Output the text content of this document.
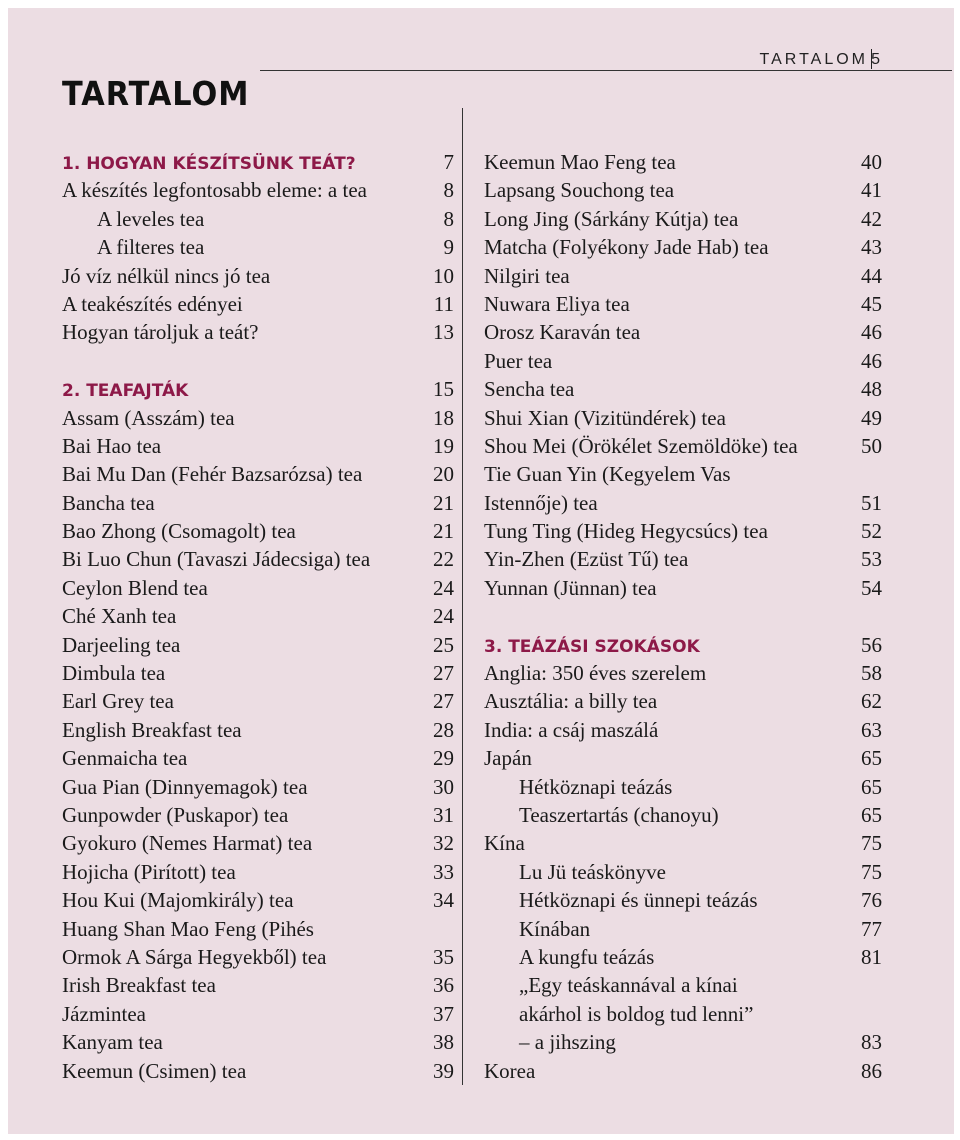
TARTALOM 5
TARTALOM
1. HOGYAN KÉSZÍTSÜNK TEÁT?	7
A készítés legfontosabb eleme: a tea	8
A leveles tea	8
A filteres tea	9
Jó víz nélkül nincs jó tea	10
A teakészítés edényei	11
Hogyan tároljuk a teát?	13
2. TEAFAJTÁK	15
Assam (Asszám) tea	18
Bai Hao tea	19
Bai Mu Dan (Fehér Bazsarózsa) tea	20
Bancha tea	21
Bao Zhong (Csomagolt) tea	21
Bi Luo Chun (Tavaszi Jádecsiga) tea	22
Ceylon Blend tea	24
Ché Xanh tea	24
Darjeeling tea	25
Dimbula tea	27
Earl Grey tea	27
English Breakfast tea	28
Genmaicha tea	29
Gua Pian (Dinnyemagok) tea	30
Gunpowder (Puskapor) tea	31
Gyokuro (Nemes Harmat) tea	32
Hojicha (Pirított) tea	33
Hou Kui (Majomkirály) tea	34
Huang Shan Mao Feng (Pihés
Ormok A Sárga Hegyekből) tea	35
Irish Breakfast tea	36
Jázmintea	37
Kanyam tea	38
Keemun (Csimen) tea	39
Keemun Mao Feng tea	40
Lapsang Souchong tea	41
Long Jing (Sárkány Kútja) tea	42
Matcha (Folyékony Jade Hab) tea	43
Nilgiri tea	44
Nuwara Eliya tea	45
Orosz Karaván tea	46
Puer tea	46
Sencha tea	48
Shui Xian (Vizitündérek) tea	49
Shou Mei (Örökélet Szemöldöke) tea	50
Tie Guan Yin (Kegyelem Vas
Istennője) tea	51
Tung Ting (Hideg Hegycsúcs) tea	52
Yin-Zhen (Ezüst Tű) tea	53
Yunnan (Jünnan) tea	54
3. TEÁZÁSI SZOKÁSOK	56
Anglia: 350 éves szerelem	58
Ausztália: a billy tea	62
India: a csáj maszálá	63
Japán	65
Hétköznapi teázás	65
Teaszertartás (chanoyu)	65
Kína	75
Lu Jü teáskönyve	75
Hétköznapi és ünnepi teázás	76
Kínában	77
A kungfu teázás	81
„Egy teáskannával a kínai
akárhol is boldog tud lenni”
– a jihszing	83
Korea	86
